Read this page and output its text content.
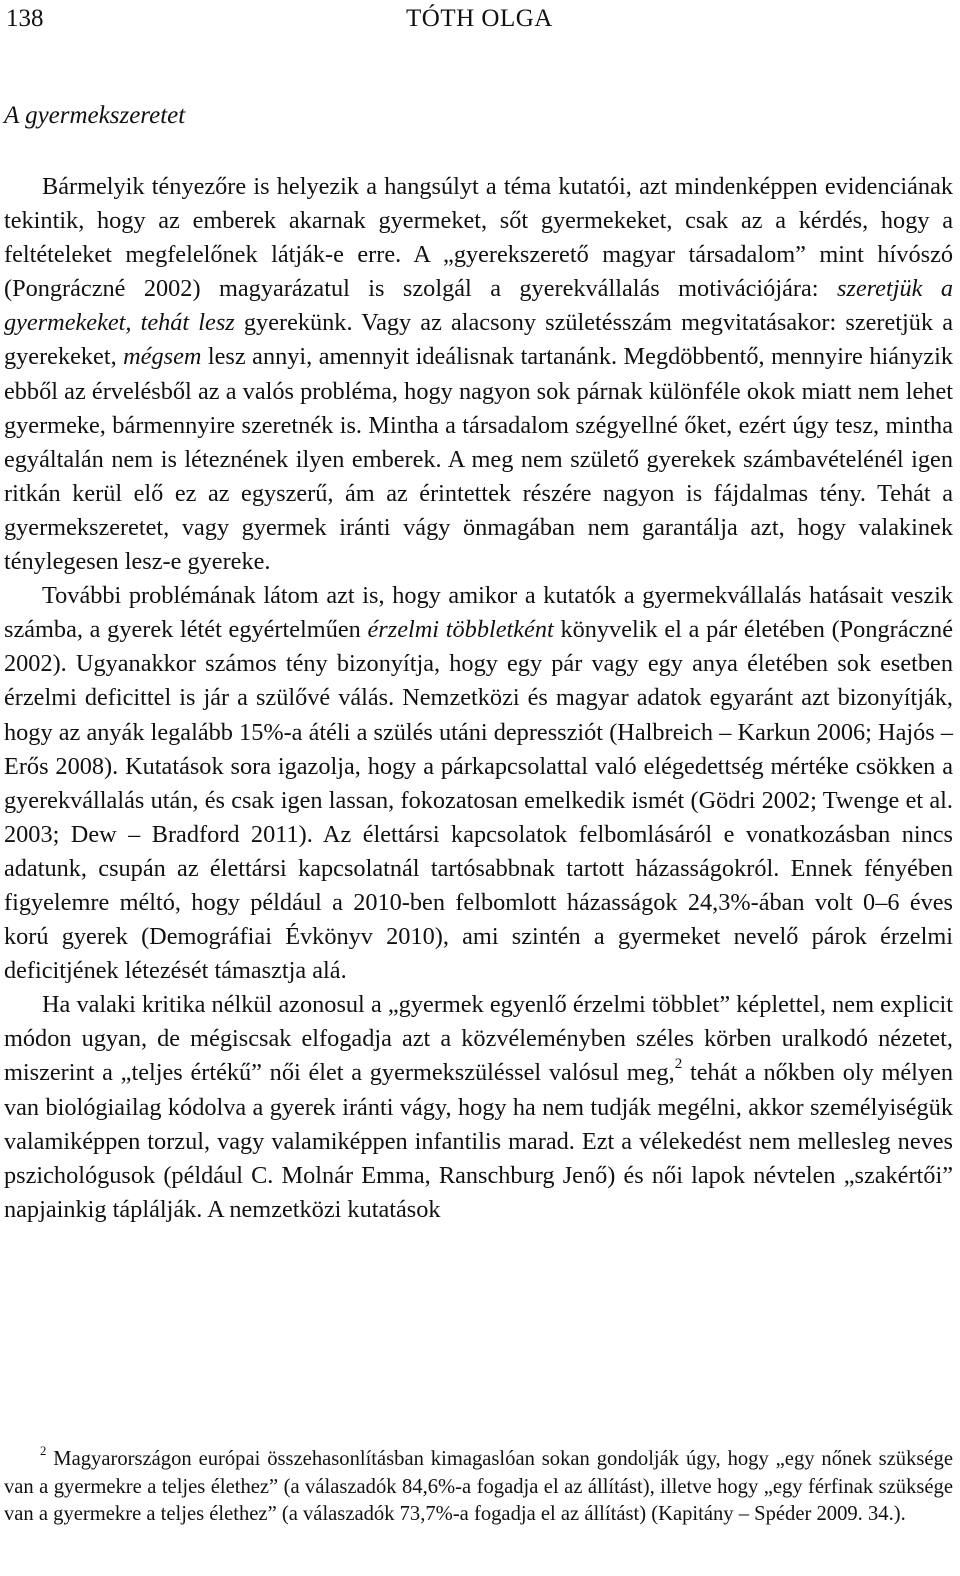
138	TÓTH OLGA
A gyermekszeretet

Bármelyik tényezőre is helyezik a hangsúlyt a téma kutatói, azt mindenképpen evidenciának tekintik, hogy az emberek akarnak gyermeket, sőt gyermekeket, csak az a kérdés, hogy a feltételeket megfelelőnek látják-e erre. A „gyerekszerető magyar társadalom” mint hívószó (Pongráczné 2002) magyarázatul is szolgál a gyerekvállalás motivációjára: szeretjük a gyermekeket, tehát lesz gyerekünk. Vagy az alacsony születésszám megvitatásakor: szeretjük a gyerekeket, mégsem lesz annyi, amennyit ideálisnak tartanánk. Megdöbbentő, mennyire hiányzik ebből az érvelésből az a valós probléma, hogy nagyon sok párnak különféle okok miatt nem lehet gyermeke, bármennyire szeretnék is. Mintha a társadalom szégyellné őket, ezért úgy tesz, mintha egyáltalán nem is léteznének ilyen emberek. A meg nem születő gyerekek számbavételénél igen ritkán kerül elő ez az egyszerű, ám az érintettek részére nagyon is fájdalmas tény. Tehát a gyermekszeretet, vagy gyermek iránti vágy önmagában nem garantálja azt, hogy valakinek ténylegesen lesz-e gyereke.

További problémának látom azt is, hogy amikor a kutatók a gyermekvállalás hatásait veszik számba, a gyerek létét egyértelműen érzelmi többletként könyvelik el a pár életében (Pongráczné 2002). Ugyanakkor számos tény bizonyítja, hogy egy pár vagy egy anya életében sok esetben érzelmi deficittel is jár a szülővé válás. Nemzetközi és magyar adatok egyaránt azt bizonyítják, hogy az anyák legalább 15%-a átéli a szülés utáni depressziót (Halbreich – Karkun 2006; Hajós – Erős 2008). Kutatások sora igazolja, hogy a párkapcsolattal való elégedettség mértéke csökken a gyerekvállalás után, és csak igen lassan, fokozatosan emelkedik ismét (Gödri 2002; Twenge et al. 2003; Dew – Bradford 2011). Az élettársi kapcsolatok felbomlásáról e vonatkozásban nincs adatunk, csupán az élettársi kapcsolatnál tartósabbnak tartott házasságokról. Ennek fényében figyelemre méltó, hogy például a 2010-ben felbomlott házasságok 24,3%-ában volt 0–6 éves korú gyerek (Demográfiai Évkönyv 2010), ami szintén a gyermeket nevelő párok érzelmi deficitjének létezését támasztja alá.

Ha valaki kritika nélkül azonosul a „gyermek egyenlő érzelmi többlet” képlettel, nem explicit módon ugyan, de mégiscsak elfogadja azt a közvéleményben széles körben uralkodó nézetet, miszerint a „teljes értékű” női élet a gyermekszüléssel valósul meg,$^2$ tehát a nőkben oly mélyen van biológiailag kódolva a gyerek iránti vágy, hogy ha nem tudják megélni, akkor személyiségük valamiképpen torzul, vagy valamiképpen infantilis marad. Ezt a vélekedést nem mellesleg neves pszichológusok (például C. Molnár Emma, Ranschburg Jenő) és női lapok névtelen „szakértői” napjainkig táplálják. A nemzetközi kutatások

$^2$ Magyarországon európai összehasonlításban kimagaslóan sokan gondolják úgy, hogy „egy nőnek szüksége van a gyermekre a teljes élethez” (a válaszadók 84,6%-a fogadja el az állítást), illetve hogy „egy férfinak szüksége van a gyermekre a teljes élethez” (a válaszadók 73,7%-a fogadja el az állítást) (Kapitány – Spéder 2009. 34.).
